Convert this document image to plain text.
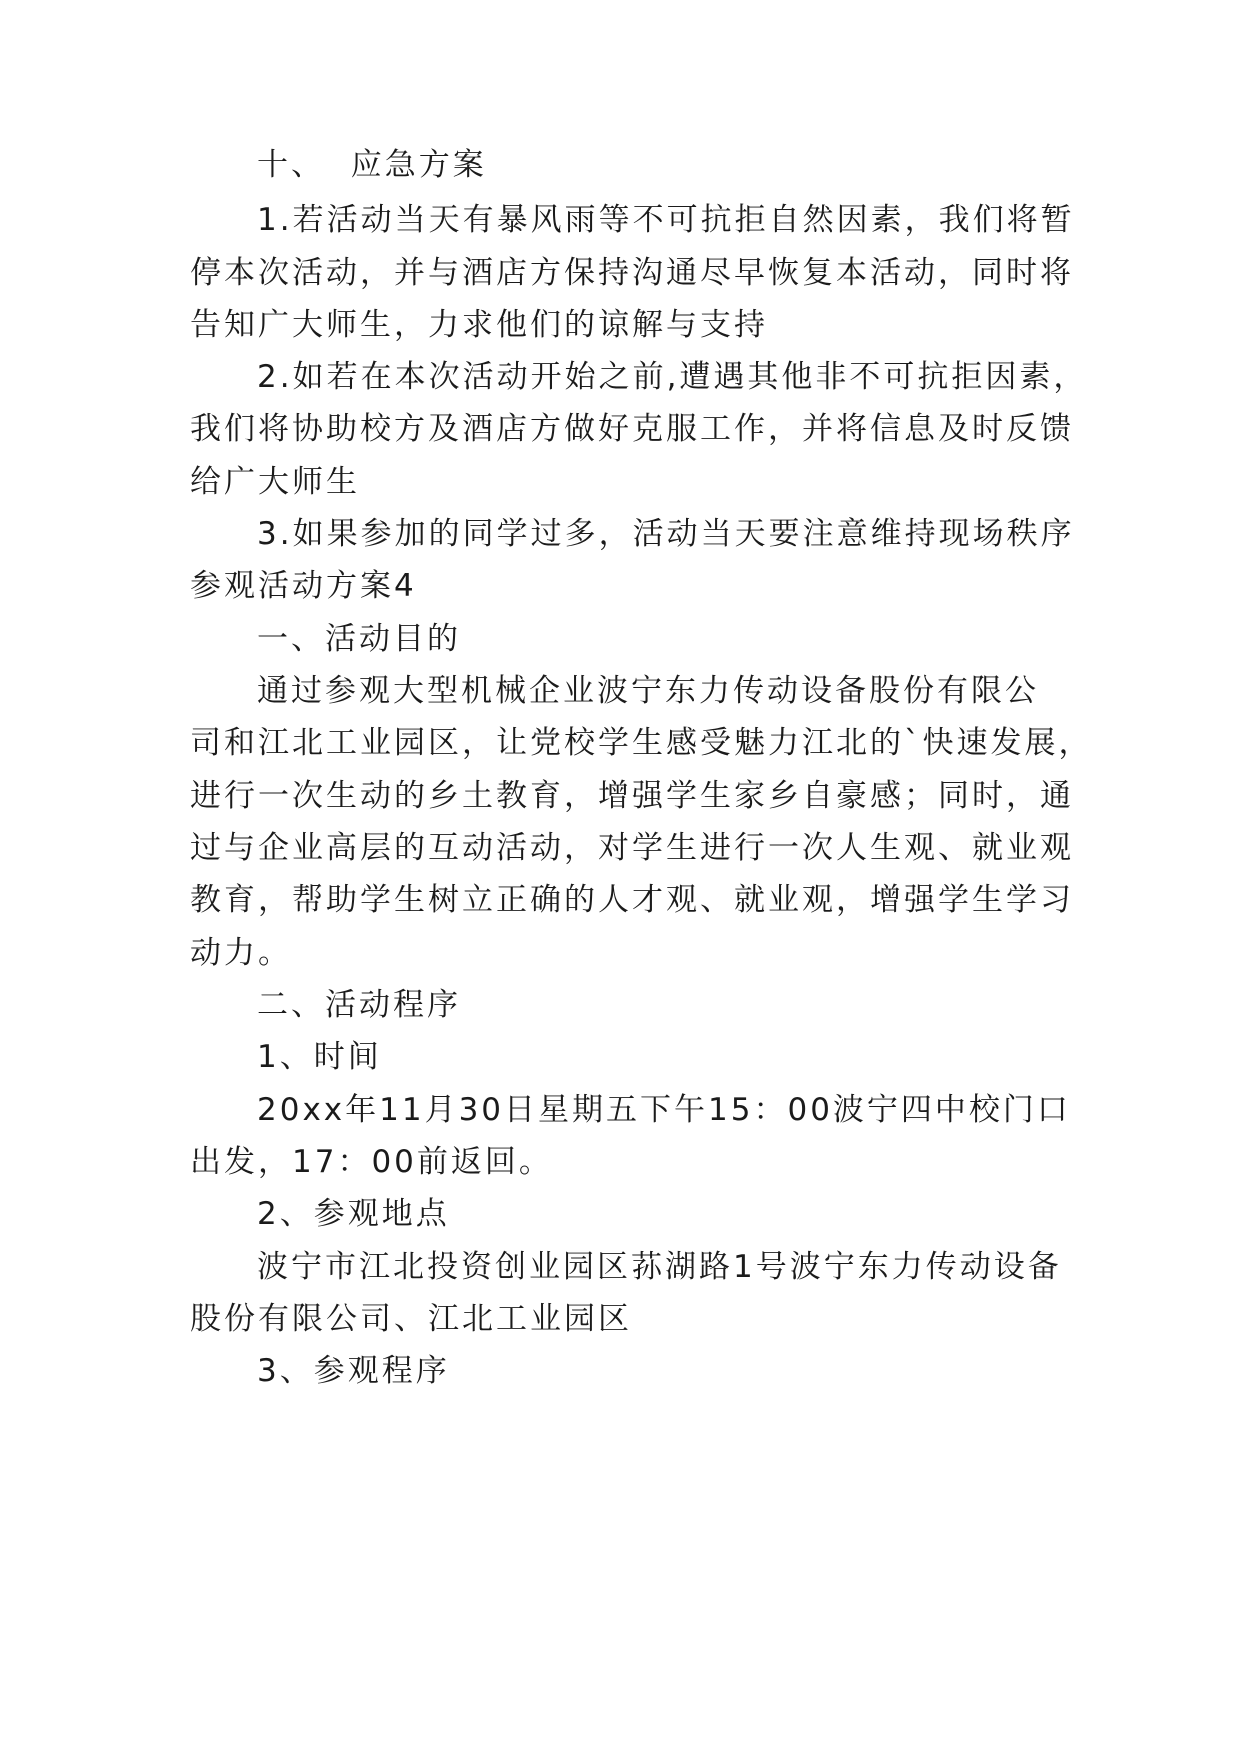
十、  应急方案

1.若活动当天有暴风雨等不可抗拒自然因素，我们将暂

停本次活动，并与酒店方保持沟通尽早恢复本活动，同时将

告知广大师生，力求他们的谅解与支持

2.如若在本次活动开始之前,遭遇其他非不可抗拒因素，

我们将协助校方及酒店方做好克服工作，并将信息及时反馈

给广大师生

3.如果参加的同学过多，活动当天要注意维持现场秩序

参观活动方案4

一、活动目的

通过参观大型机械企业波宁东力传动设备股份有限公

司和江北工业园区，让党校学生感受魅力江北的`快速发展，

进行一次生动的乡土教育，增强学生家乡自豪感；同时，通

过与企业高层的互动活动，对学生进行一次人生观、就业观

教育，帮助学生树立正确的人才观、就业观，增强学生学习

动力。

二、活动程序

1、时间

20xx年11月30日星期五下午15：00波宁四中校门口

出发，17：00前返回。

2、参观地点

波宁市江北投资创业园区荪湖路1号波宁东力传动设备

股份有限公司、江北工业园区

3、参观程序
